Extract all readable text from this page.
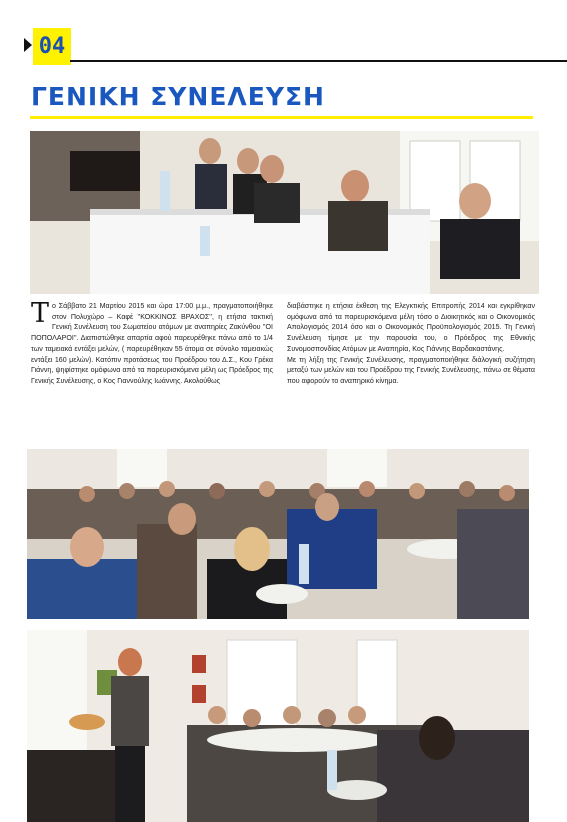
04
ΓΕΝΙΚΗ ΣΥΝΕΛΕΥΣΗ
Τ ο Σάββατο 21 Μαρτίου 2015 και ώρα 17:00 μ.μ., πραγματοποιήθηκε στον Πολυχώρο – Καφέ ''ΚΟΚΚΙΝΟΣ ΒΡΑΧΟΣ'', η ετήσια τακτική Γενική Συνέλευση του Σωματείου ατόμων με αναπηρίες Ζακύνθου ''ΟΙ ΠΟΠΟΛΑΡΟΙ''. Διαπιστώθηκε απαρτία αφού παρευρέθηκε πάνω από το 1/4 των ταμειακά εντάξει μελών, ( παρευρέθηκαν 55 άτομα σε σύνολο ταμειακώς εντάξει 160 μελών). Κατόπιν προτάσεως του Προέδρου του Δ.Σ., Κου Γρέκα Γιάννη, ψηφίστηκε ομόφωνα από τα παρευρισκόμενα μέλη ως Πρόεδρος της Γενικής Συνέλευσης, ο Κος Γιαννούλης Ιωάννης. Ακολούθως

διαβάστηκε η ετήσια έκθεση της Ελεγκτικής Επιτροπής 2014 και εγκρίθηκαν ομόφωνα από τα παρευρισκόμενα μέλη τόσο ο Διοικητικός και ο Οικονομικός Απολογισμός 2014 όσο και ο Οικονομικός Προϋπολογισμός 2015. Τη Γενική Συνέλευση τίμησε με την παρουσία του, ο Πρόεδρος της Εθνικής Συνομοσπονδίας Ατόμων με Αναπηρία, Κος Γιάννης Βαρδακαστάνης.

Με τη λήξη της Γενικής Συνέλευσης, πραγματοποιήθηκε διάλογική συζήτηση μεταξύ των μελών και του Προέδρου της Γενικής Συνέλευσης, πάνω σε θέματα που αφορούν το αναπηρικό κίνημα.
